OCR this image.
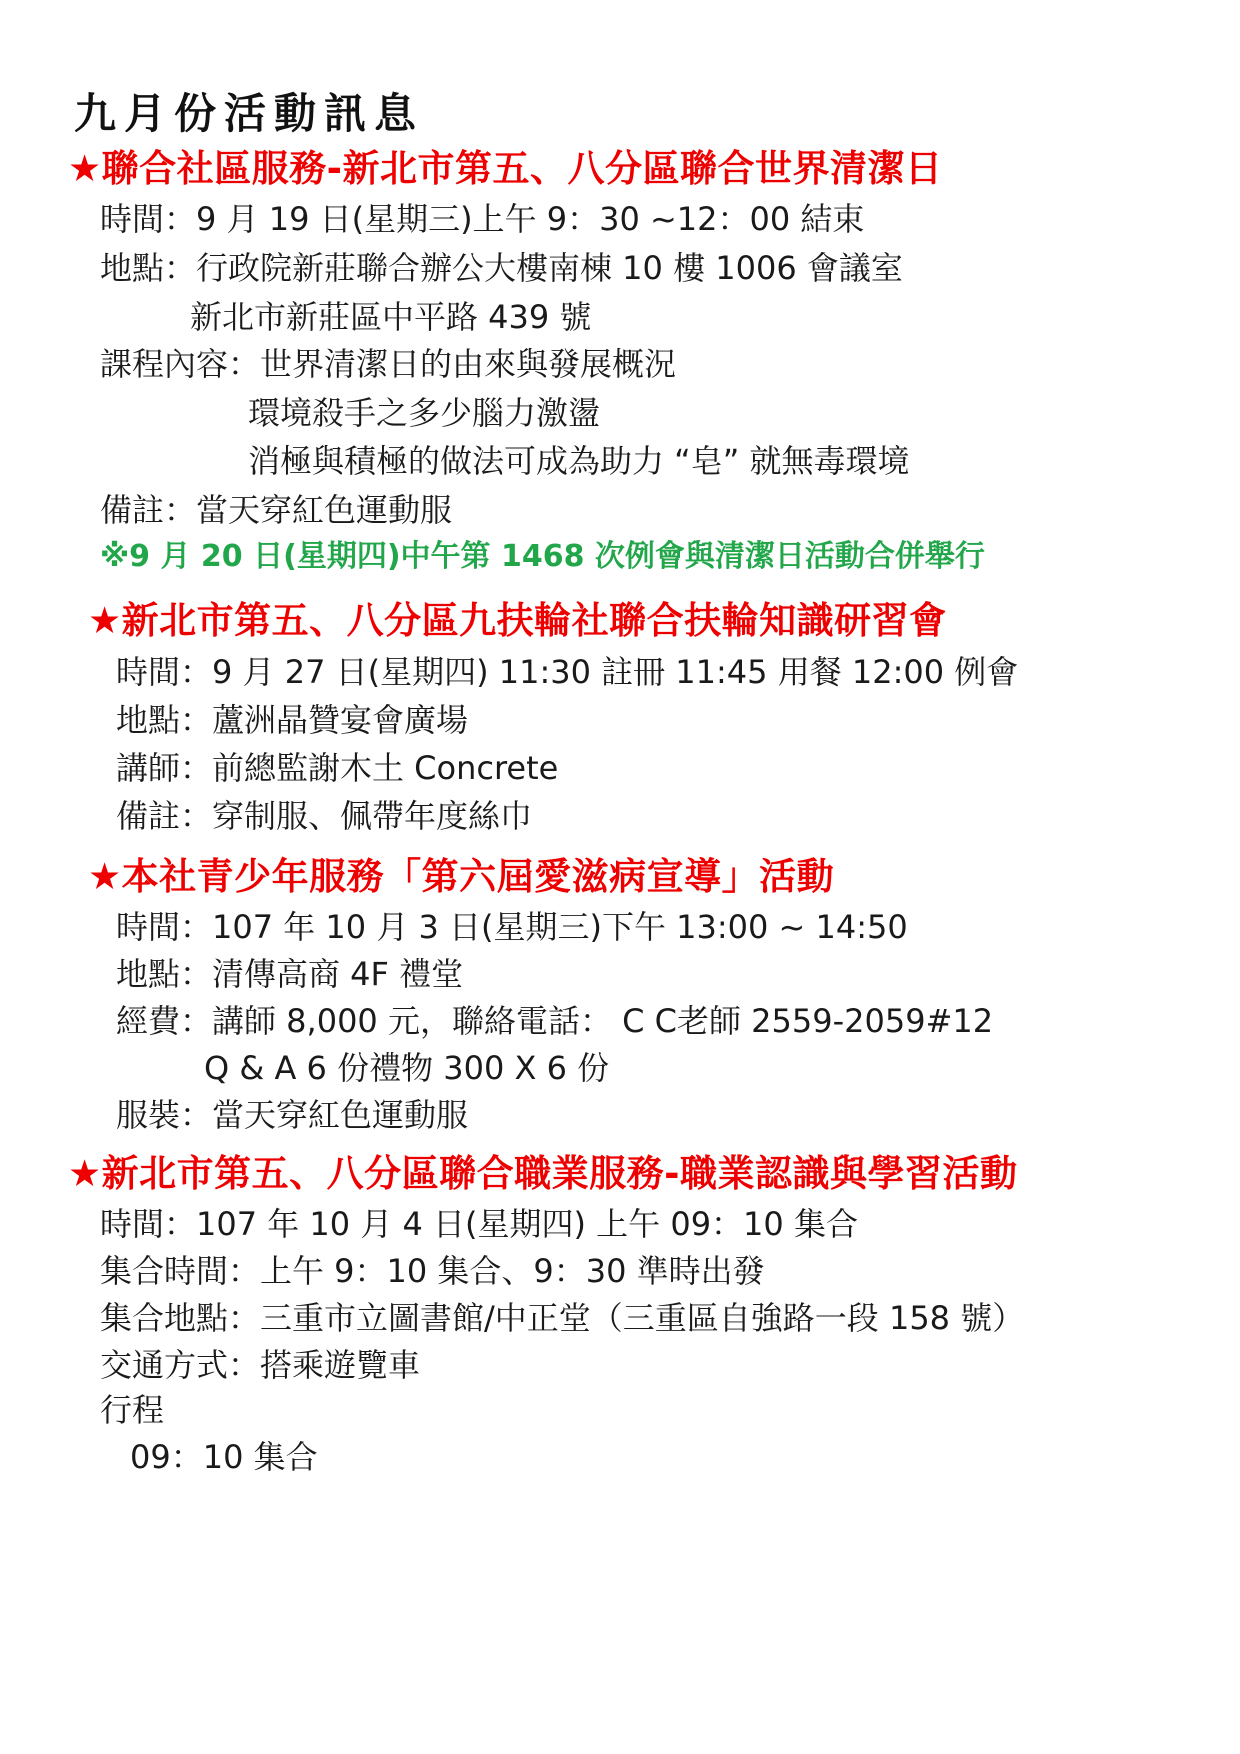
九月份活動訊息
★聯合社區服務-新北市第五、八分區聯合世界清潔日
時間：9 月 19 日(星期三)上午 9：30 ~12：00 結束
地點：行政院新莊聯合辦公大樓南棟 10 樓 1006 會議室
新北市新莊區中平路 439 號
課程內容：世界清潔日的由來與發展概況
環境殺手之多少腦力激盪
消極與積極的做法可成為助力 “皂” 就無毒環境
備註：當天穿紅色運動服
※9 月 20 日(星期四)中午第 1468 次例會與清潔日活動合併舉行
★新北市第五、八分區九扶輪社聯合扶輪知識研習會
時間：9 月 27 日(星期四) 11:30 註冊 11:45 用餐 12:00 例會
地點：蘆洲晶贊宴會廣場
講師：前總監謝木土 Concrete
備註：穿制服、佩帶年度絲巾
★本社青少年服務「第六屆愛滋病宣導」活動
時間：107 年 10 月 3 日(星期三)下午 13:00 ~ 14:50
地點：清傳高商 4F 禮堂
經費：講師 8,000 元，聯絡電話： C C老師 2559-2059#12
Q & A 6 份禮物 300 X 6 份
服裝：當天穿紅色運動服
★新北市第五、八分區聯合職業服務-職業認識與學習活動
時間：107 年 10 月 4 日(星期四) 上午 09：10 集合
集合時間：上午 9：10 集合、9：30 準時出發
集合地點：三重市立圖書館/中正堂（三重區自強路一段 158 號）
交通方式：搭乘遊覽車
行程
09：10 集合
